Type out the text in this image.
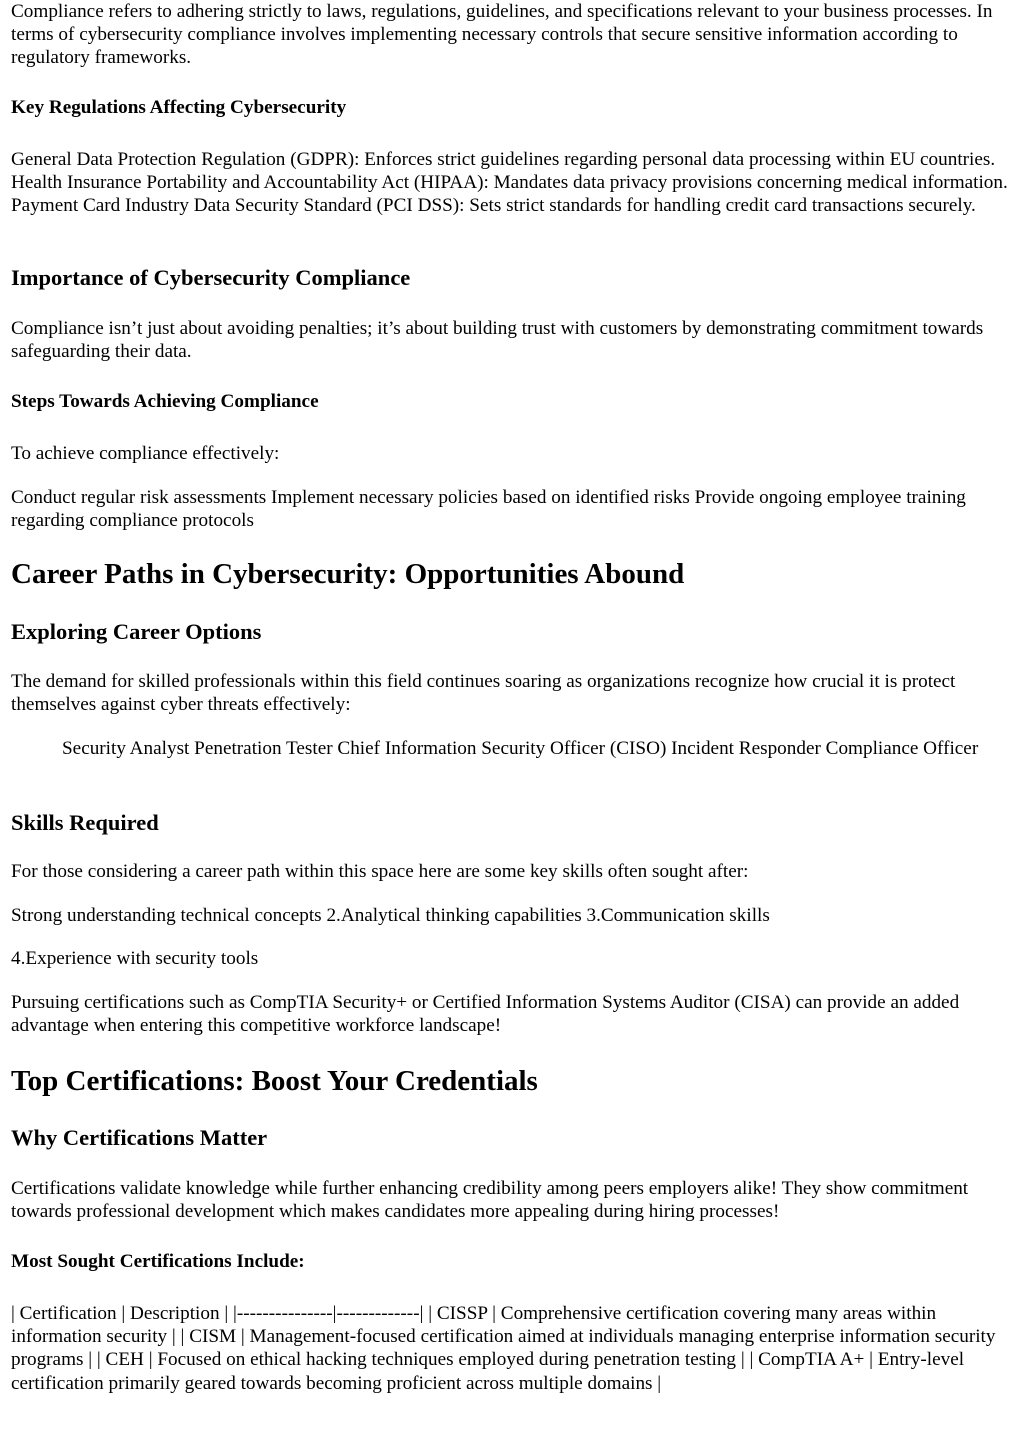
Compliance refers to adhering strictly to laws, regulations, guidelines, and specifications relevant to your business processes. In terms of cybersecurity compliance involves implementing necessary controls that secure sensitive information according to regulatory frameworks.

Key Regulations Affecting Cybersecurity

General Data Protection Regulation (GDPR): Enforces strict guidelines regarding personal data processing within EU countries. Health Insurance Portability and Accountability Act (HIPAA): Mandates data privacy provisions concerning medical information. Payment Card Industry Data Security Standard (PCI DSS): Sets strict standards for handling credit card transactions securely.

Importance of Cybersecurity Compliance

Compliance isn’t just about avoiding penalties; it’s about building trust with customers by demonstrating commitment towards safeguarding their data.

Steps Towards Achieving Compliance

To achieve compliance effectively:

Conduct regular risk assessments Implement necessary policies based on identified risks Provide ongoing employee training regarding compliance protocols

Career Paths in Cybersecurity: Opportunities Abound
Exploring Career Options

The demand for skilled professionals within this field continues soaring as organizations recognize how crucial it is protect themselves against cyber threats effectively:

Security Analyst Penetration Tester Chief Information Security Officer (CISO) Incident Responder Compliance Officer
Skills Required

For those considering a career path within this space here are some key skills often sought after:

Strong understanding technical concepts 2.Analytical thinking capabilities 3.Communication skills

4.Experience with security tools

Pursuing certifications such as CompTIA Security+ or Certified Information Systems Auditor (CISA) can provide an added advantage when entering this competitive workforce landscape!

Top Certifications: Boost Your Credentials
Why Certifications Matter

Certifications validate knowledge while further enhancing credibility among peers employers alike! They show commitment towards professional development which makes candidates more appealing during hiring processes!

Most Sought Certifications Include:

| Certification | Description | |---------------|-------------| | CISSP | Comprehensive certification covering many areas within information security | | CISM | Management-focused certification aimed at individuals managing enterprise information security programs | | CEH | Focused on ethical hacking techniques employed during penetration testing | | CompTIA A+ | Entry-level certification primarily geared towards becoming proficient across multiple domains |
